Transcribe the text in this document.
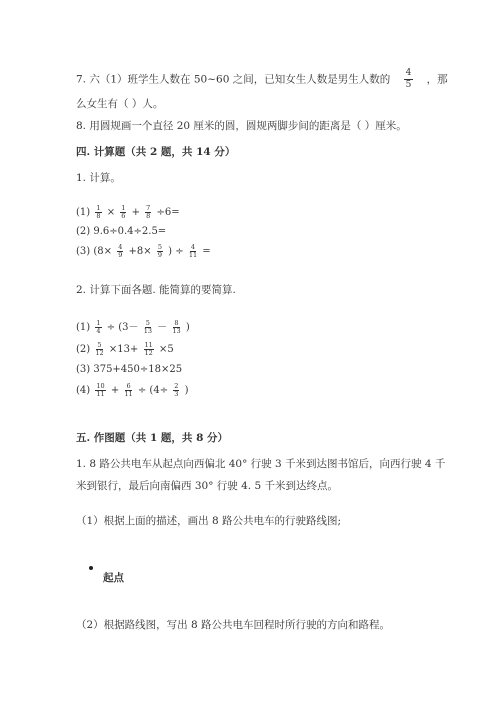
7. 六（1）班学生人数在 50~60 之间，已知女生人数是男生人数的 $\frac{4}{5}$ ，那
么女生有（ ）人。
8. 用圆规画一个直径 20 厘米的圆，圆规两脚步间的距离是（ ）厘米。
四. 计算题（共 2 题，共 14 分）
1. 计算。
$(1) \frac{1}{8} \times \frac{1}{6} + \frac{7}{8} \div 6=$
(2) 9.6÷0.4÷2.5=
(3) ($8\times \frac{4}{9} +8\times \frac{5}{9}$ ) ÷ $\frac{4}{11}$ =
2. 计算下面各题. 能简算的要简算.
$(1) \frac{1}{4} \div (3- \frac{5}{13} - \frac{8}{13}$ )
$(2) \frac{5}{12} \times 13+ \frac{11}{12} \times 5$
(3) 375+450÷18×25
$(4) \frac{10}{11} + \frac{6}{11} \div (4\div \frac{2}{3}$ )
五. 作图题（共 1 题，共 8 分）
1. 8 路公共电车从起点向西偏北 40° 行驶 3 千米到达图书馆后，向西行驶 4 千
米到银行，最后向南偏西 30° 行驶 4. 5 千米到达终点。
（1）根据上面的描述，画出 8 路公共电车的行驶路线图;
起点
（2）根据路线图，写出 8 路公共电车回程时所行驶的方向和路程。
